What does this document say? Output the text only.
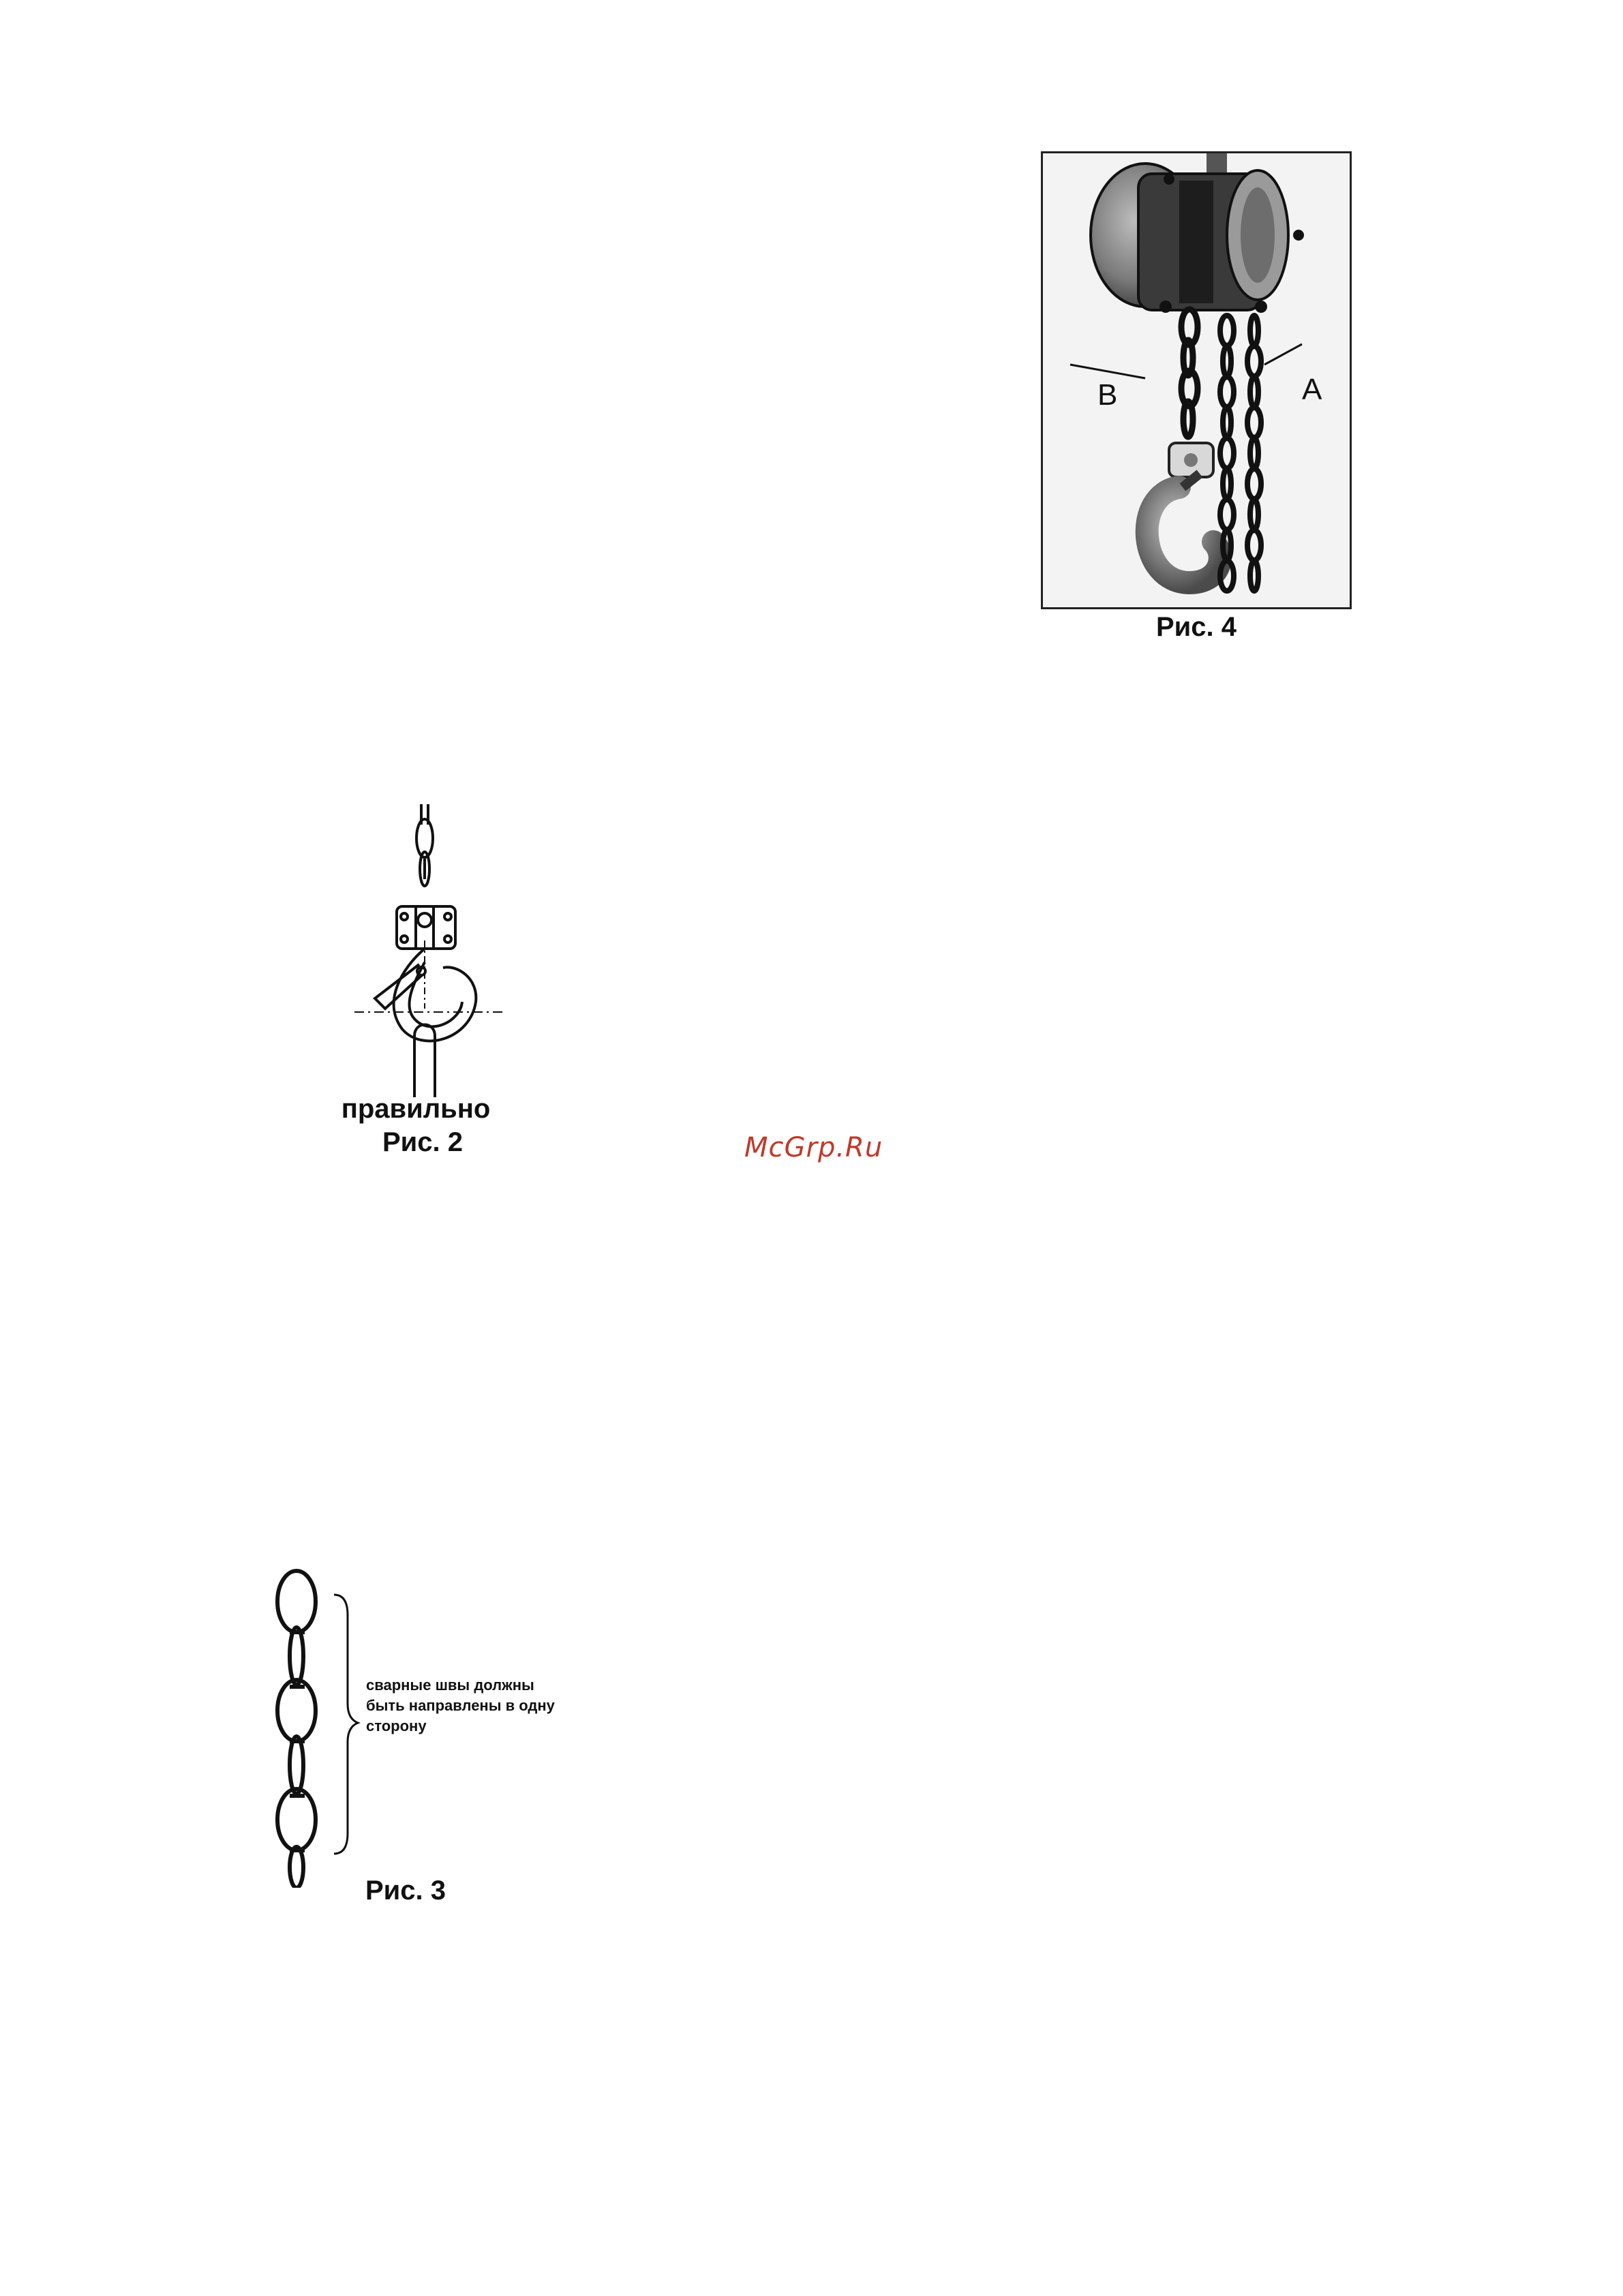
B	A
Рис. 4
правильно
Рис. 2	McGrp.Ru
сварные швы должны
быть направлены в одну
сторону
Рис. 3
